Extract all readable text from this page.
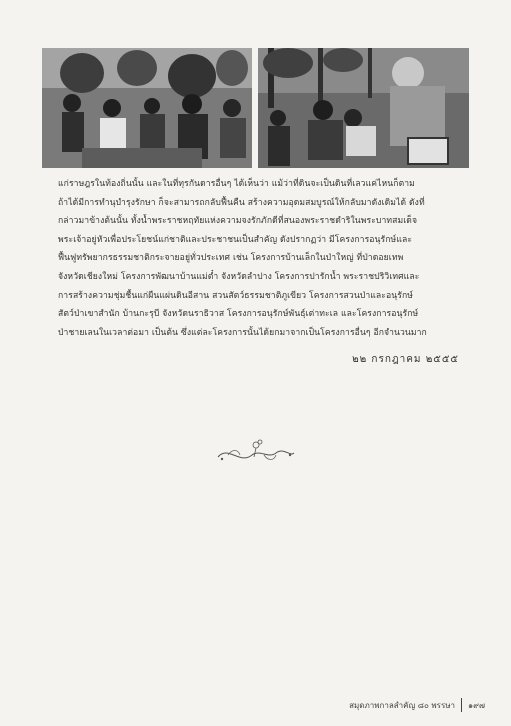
แก่ราษฎรในท้องถิ่นนั้น และในที่ทุรกันดารอื่นๆ ได้เห็นว่า แม้ว่าที่ดินจะเป็นดินที่เลวแค่ไหนก็ตาม
ถ้าได้มีการทำนุบำรุงรักษา ก็จะสามารถกลับฟื้นคืน สร้างความอุดมสมบูรณ์ให้กลับมาดังเดิมได้ ดังที่
กล่าวมาข้างต้นนั้น ทั้งน้ำพระราชหฤทัยแห่งความจงรักภักดีที่สนองพระราชดำริในพระบาทสมเด็จ
พระเจ้าอยู่หัวเพื่อประโยชน์แก่ชาติและประชาชนเป็นสำคัญ ดังปรากฏว่า มีโครงการอนุรักษ์และ
ฟื้นฟูทรัพยากรธรรมชาติกระจายอยู่ทั่วประเทศ เช่น โครงการบ้านเล็กในป่าใหญ่ ที่ป่าดอยเทพ
จังหวัดเชียงใหม่ โครงการพัฒนาบ้านแม่ต๋ำ จังหวัดลำปาง โครงการปารักน้ำ พระราชปริวิเทศและ
การสร้างความชุ่มชื้นแก่ผืนแผ่นดินอีสาน สวนสัตว์ธรรมชาติภูเขียว โครงการสวนป่าและอนุรักษ์
สัตว์ป่าเขาสำนัก บ้านกะรุบี จังหวัดนราธิวาส โครงการอนุรักษ์พันธุ์เต่าทะเล และโครงการอนุรักษ์
ป่าชายเลนในเวลาต่อมา เป็นต้น ซึ่งแต่ละโครงการนั้นได้ยกมาจากเป็นโครงการอื่นๆ อีกจำนวนมาก
๒๒ กรกฎาคม ๒๕๕๕
สมุดภาพกาลสำคัญ ๘๐ พรรษา ๑๙๗
